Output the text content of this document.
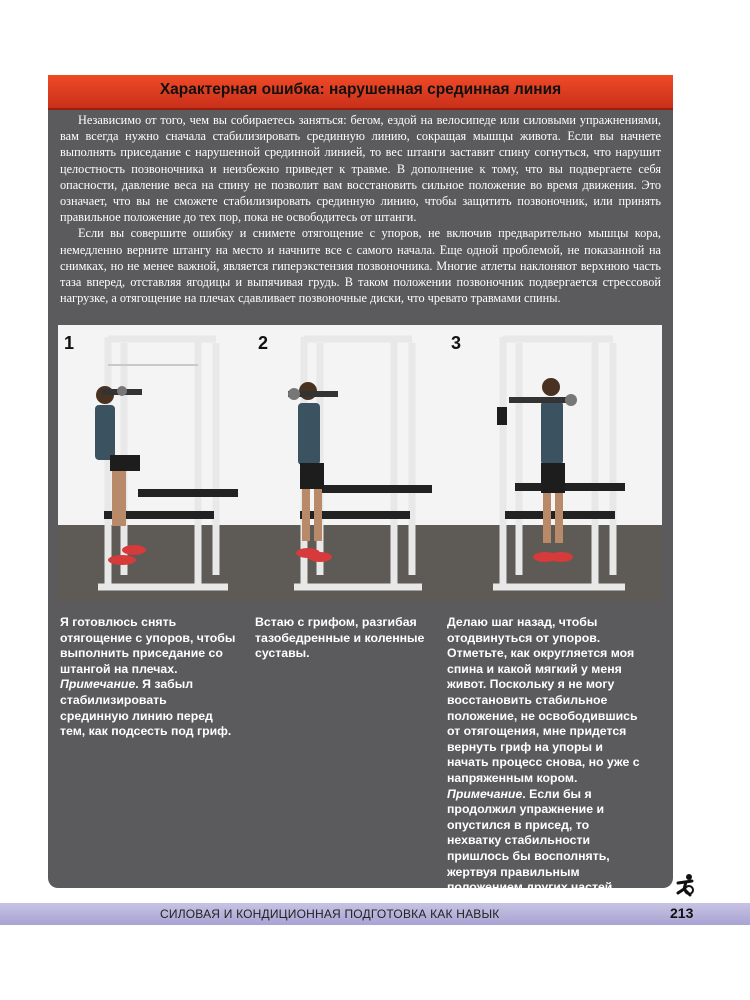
Характерная ошибка: нарушенная срединная линия

Независимо от того, чем вы собираетесь заняться: бегом, ездой на велосипеде или силовыми упражнениями, вам всегда нужно сначала стабилизировать срединную линию, сокращая мышцы живота. Если вы начнете выполнять приседание с нарушенной срединной линией, то вес штанги заставит спину согнуться, что нарушит целостность позвоночника и неизбежно приведет к травме. В дополнение к тому, что вы подвергаете себя опасности, давление веса на спину не позволит вам восстановить сильное положение во время движения. Это означает, что вы не сможете стабилизировать срединную линию, чтобы защитить позвоночник, или принять правильное положение до тех пор, пока не освободитесь от штанги.

Если вы совершите ошибку и снимете отягощение с упоров, не включив предварительно мышцы кора, немедленно верните штангу на место и начните все с самого начала. Еще одной проблемой, не показанной на снимках, но не менее важной, является гиперэкстензия позвоночника. Многие атлеты наклоняют верхнюю часть таза вперед, отставляя ягодицы и выпячивая грудь. В таком положении позвоночник подвергается стрессовой нагрузке, а отягощение на плечах сдавливает позвоночные диски, что чревато травмами спины.

1	2	3
Я готовлюсь снять отягощение с упоров, чтобы выполнить приседание со штангой на плечах. Примечание. Я забыл стабилизировать срединную линию перед тем, как подсесть под гриф.
Встаю с грифом, разгибая тазобедренные и коленные суставы.
Делаю шаг назад, чтобы отодвинуться от упоров. Отметьте, как округляется моя спина и какой мягкий у меня живот. Поскольку я не могу восстановить стабильное положение, не освободившись от отягощения, мне придется вернуть гриф на упоры и начать процесс снова, но уже с напряженным кором. Примечание. Если бы я продолжил упражнение и опустился в присед, то нехватку стабильности пришлось бы восполнять, жертвуя правильным положением других частей целому букету травм.
СИЛОВАЯ И КОНДИЦИОННАЯ ПОДГОТОВКА КАК НАВЫК	213
